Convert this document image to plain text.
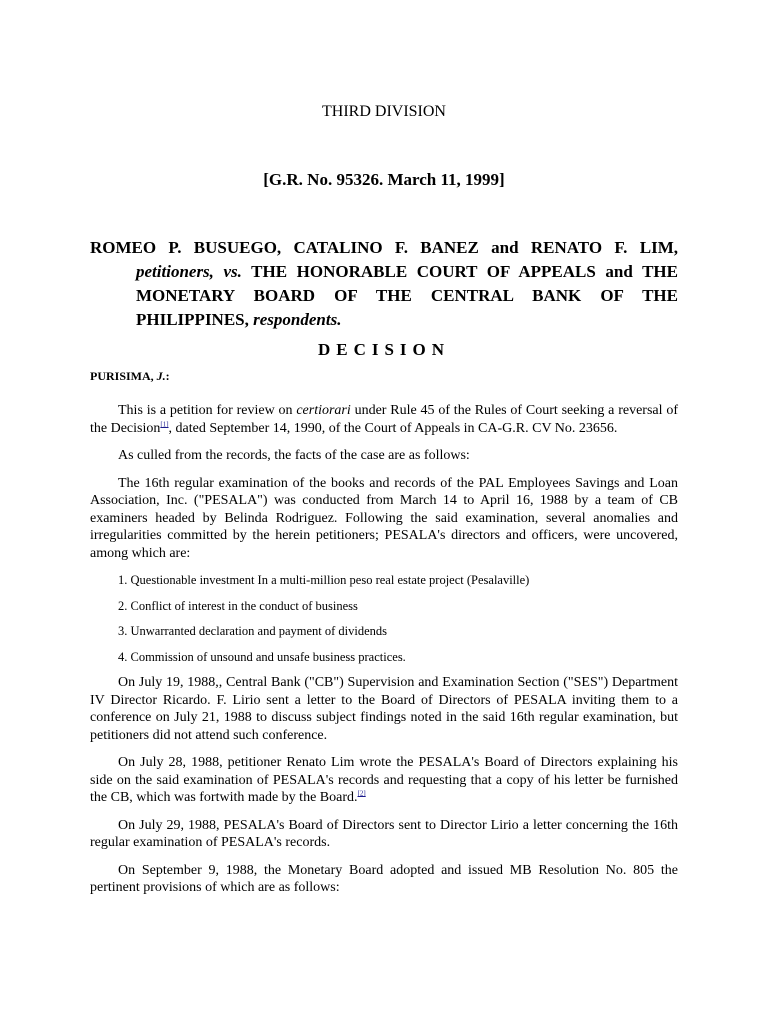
THIRD DIVISION
[G.R. No. 95326. March 11, 1999]
ROMEO P. BUSUEGO, CATALINO F. BANEZ and RENATO F. LIM, petitioners, vs. THE HONORABLE COURT OF APPEALS and THE MONETARY BOARD OF THE CENTRAL BANK OF THE PHILIPPINES, respondents.
DECISION
PURISIMA, J.:

This is a petition for review on certiorari under Rule 45 of the Rules of Court seeking a reversal of the Decision[1], dated September 14, 1990, of the Court of Appeals in CA-G.R. CV No. 23656.

As culled from the records, the facts of the case are as follows:

The 16th regular examination of the books and records of the PAL Employees Savings and Loan Association, Inc. ("PESALA") was conducted from March 14 to April 16, 1988 by a team of CB examiners headed by Belinda Rodriguez. Following the said examination, several anomalies and irregularities committed by the herein petitioners; PESALA's directors and officers, were uncovered, among which are:

1. Questionable investment In a multi-million peso real estate project (Pesalaville)

2. Conflict of interest in the conduct of business

3. Unwarranted declaration and payment of dividends

4. Commission of unsound and unsafe business practices.

On July 19, 1988,, Central Bank ("CB") Supervision and Examination Section ("SES") Department IV Director Ricardo. F. Lirio sent a letter to the Board of Directors of PESALA inviting them to a conference on July 21, 1988 to discuss subject findings noted in the said 16th regular examination, but petitioners did not attend such conference.

On July 28, 1988, petitioner Renato Lim wrote the PESALA's Board of Directors explaining his side on the said examination of PESALA's records and requesting that a copy of his letter be furnished the CB, which was fortwith made by the Board.[2]

On July 29, 1988, PESALA's Board of Directors sent to Director Lirio a letter concerning the 16th regular examination of PESALA's records.

On September 9, 1988, the Monetary Board adopted and issued MB Resolution No. 805 the pertinent provisions of which are as follows:
